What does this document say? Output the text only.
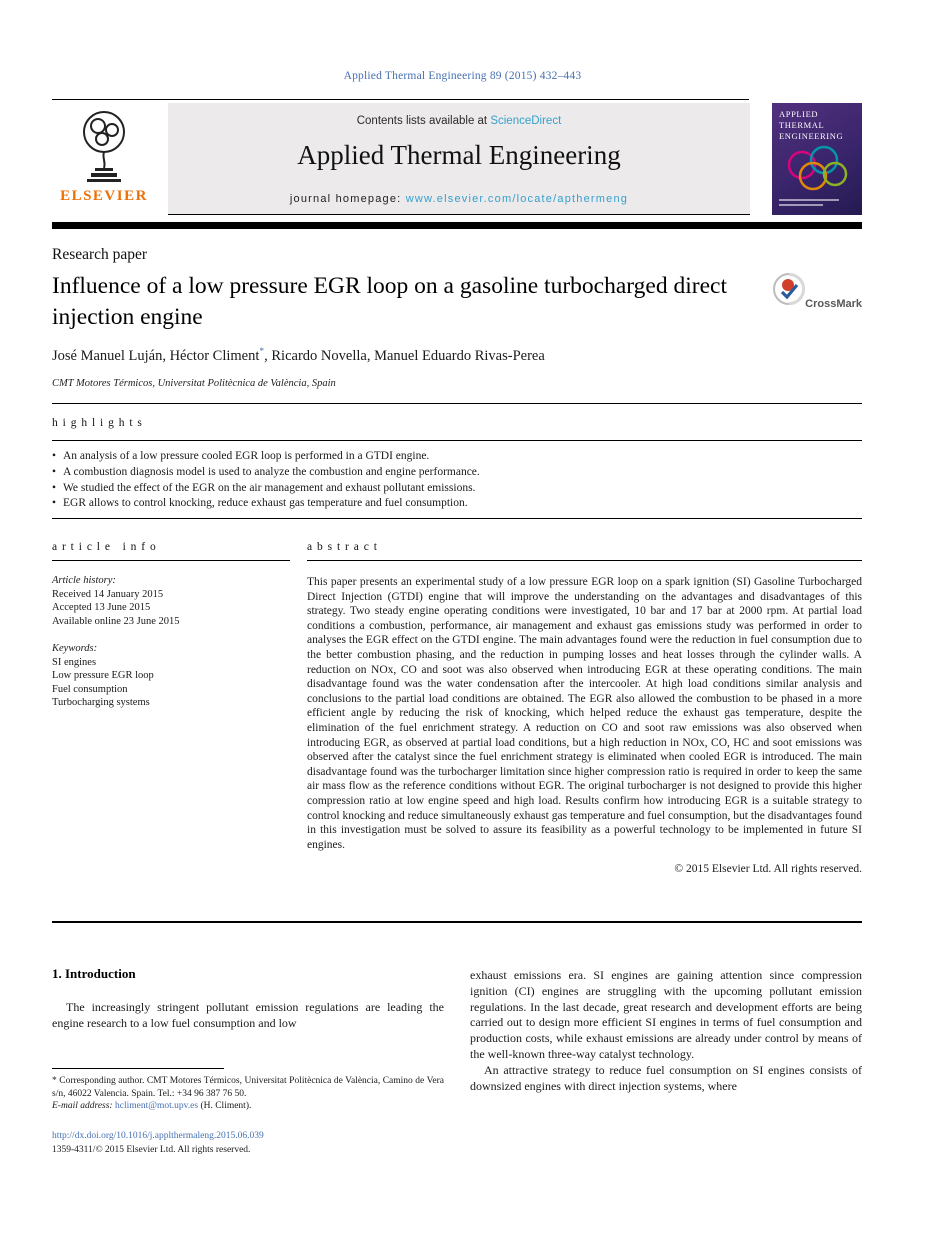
Applied Thermal Engineering 89 (2015) 432–443
ELSEVIER
Contents lists available at ScienceDirect
Applied Thermal Engineering
journal homepage: www.elsevier.com/locate/apthermeng
APPLIED THERMAL ENGINEERING
Research paper
Influence of a low pressure EGR loop on a gasoline turbocharged direct injection engine	CrossMark
José Manuel Luján, Héctor Climent*, Ricardo Novella, Manuel Eduardo Rivas-Perea
CMT Motores Térmicos, Universitat Politècnica de València, Spain
h i g h l i g h t s
• An analysis of a low pressure cooled EGR loop is performed in a GTDI engine.
• A combustion diagnosis model is used to analyze the combustion and engine performance.
• We studied the effect of the EGR on the air management and exhaust pollutant emissions.
• EGR allows to control knocking, reduce exhaust gas temperature and fuel consumption.
a r t i c l e   i n f o
Article history:
Received 14 January 2015
Accepted 13 June 2015
Available online 23 June 2015
Keywords:
SI engines
Low pressure EGR loop
Fuel consumption
Turbocharging systems
a b s t r a c t
This paper presents an experimental study of a low pressure EGR loop on a spark ignition (SI) Gasoline Turbocharged Direct Injection (GTDI) engine that will improve the understanding on the advantages and disadvantages of this strategy. Two steady engine operating conditions were investigated, 10 bar and 17 bar at 2000 rpm. At partial load conditions a combustion, performance, air management and exhaust gas emissions study was performed in order to analyses the EGR effect on the GTDI engine. The main advantages found were the reduction in fuel consumption due to the better combustion phasing, and the reduction in pumping losses and heat losses through the cylinder walls. A reduction on NOx, CO and soot was also observed when introducing EGR at these operating conditions. The main disadvantage found was the water condensation after the intercooler. At high load conditions similar analysis and conclusions to the partial load conditions are obtained. The EGR also allowed the combustion to be phased in a more efficient angle by reducing the risk of knocking, which helped reduce the exhaust gas temperature, despite the elimination of the fuel enrichment strategy. A reduction on CO and soot raw emissions was also observed when introducing EGR, as observed at partial load conditions, but a high reduction in NOx, CO, HC and soot emissions was observed after the catalyst since the fuel enrichment strategy is eliminated when cooled EGR is introduced. The main disadvantage found was the turbocharger limitation since higher compression ratio is required in order to keep the same air mass flow as the reference conditions without EGR. The original turbocharger is not designed to provide this higher compression ratio at low engine speed and high load. Results confirm how introducing EGR is a suitable strategy to control knocking and reduce simultaneously exhaust gas temperature and fuel consumption, but the disadvantages found in this investigation must be solved to assure its feasibility as a powerful technology to be implemented in future SI engines.
© 2015 Elsevier Ltd. All rights reserved.
1. Introduction

The increasingly stringent pollutant emission regulations are leading the engine research to a low fuel consumption and low

exhaust emissions era. SI engines are gaining attention since compression ignition (CI) engines are struggling with the upcoming pollutant emission regulations. In the last decade, great research and development efforts are being carried out to design more efficient SI engines in terms of fuel consumption and production costs, while exhaust emissions are already under control by means of the well-known three-way catalyst technology.

An attractive strategy to reduce fuel consumption on SI engines consists of downsized engines with direct injection systems, where

* Corresponding author. CMT Motores Térmicos, Universitat Politècnica de València, Camino de Vera s/n, 46022 Valencia. Spain. Tel.: +34 96 387 76 50.
E-mail address: hcliment@mot.upv.es (H. Climent).
http://dx.doi.org/10.1016/j.applthermaleng.2015.06.039
1359-4311/© 2015 Elsevier Ltd. All rights reserved.
